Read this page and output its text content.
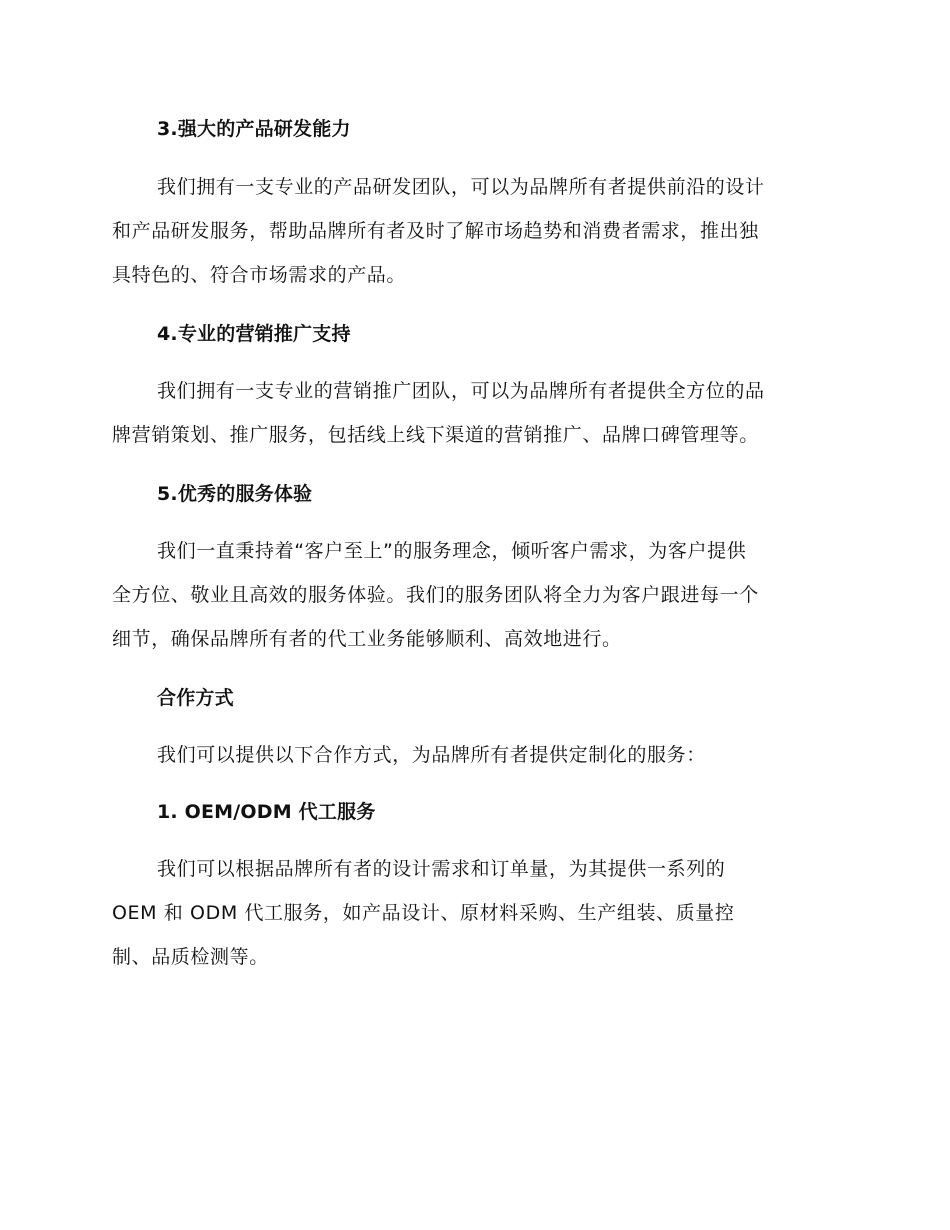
3.强大的产品研发能力
我们拥有一支专业的产品研发团队，可以为品牌所有者提供前沿的设计
和产品研发服务，帮助品牌所有者及时了解市场趋势和消费者需求，推出独
具特色的、符合市场需求的产品。
4.专业的营销推广支持
我们拥有一支专业的营销推广团队，可以为品牌所有者提供全方位的品
牌营销策划、推广服务，包括线上线下渠道的营销推广、品牌口碑管理等。
5.优秀的服务体验
我们一直秉持着“客户至上”的服务理念，倾听客户需求，为客户提供
全方位、敬业且高效的服务体验。我们的服务团队将全力为客户跟进每一个
细节，确保品牌所有者的代工业务能够顺利、高效地进行。
合作方式
我们可以提供以下合作方式，为品牌所有者提供定制化的服务：
1. OEM/ODM 代工服务
我们可以根据品牌所有者的设计需求和订单量，为其提供一系列的
OEM 和 ODM 代工服务，如产品设计、原材料采购、生产组装、质量控
制、品质检测等。
